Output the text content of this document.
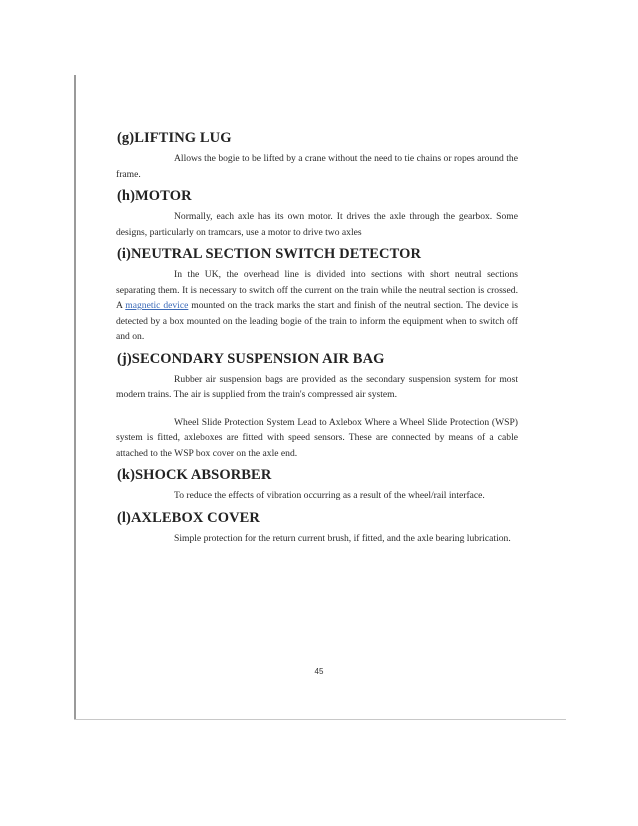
(g)LIFTING LUG

Allows the bogie to be lifted by a crane without the need to tie chains or ropes around the frame.

(h)MOTOR

Normally, each axle has its own motor. It drives the axle through the gearbox. Some designs, particularly on tramcars, use a motor to drive two axles

(i)NEUTRAL SECTION SWITCH DETECTOR

In the UK, the overhead line is divided into sections with short neutral sections separating them. It is necessary to switch off the current on the train while the neutral section is crossed. A magnetic device mounted on the track marks the start and finish of the neutral section. The device is detected by a box mounted on the leading bogie of the train to inform the equipment when to switch off and on.

(j)SECONDARY SUSPENSION AIR BAG

Rubber air suspension bags are provided as the secondary suspension system for most modern trains. The air is supplied from the train's compressed air system.

Wheel Slide Protection System Lead to Axlebox Where a Wheel Slide Protection (WSP) system is fitted, axleboxes are fitted with speed sensors. These are connected by means of a cable attached to the WSP box cover on the axle end.

(k)SHOCK ABSORBER

To reduce the effects of vibration occurring as a result of the wheel/rail interface.

(l)AXLEBOX COVER

Simple protection for the return current brush, if fitted, and the axle bearing lubrication.

45
